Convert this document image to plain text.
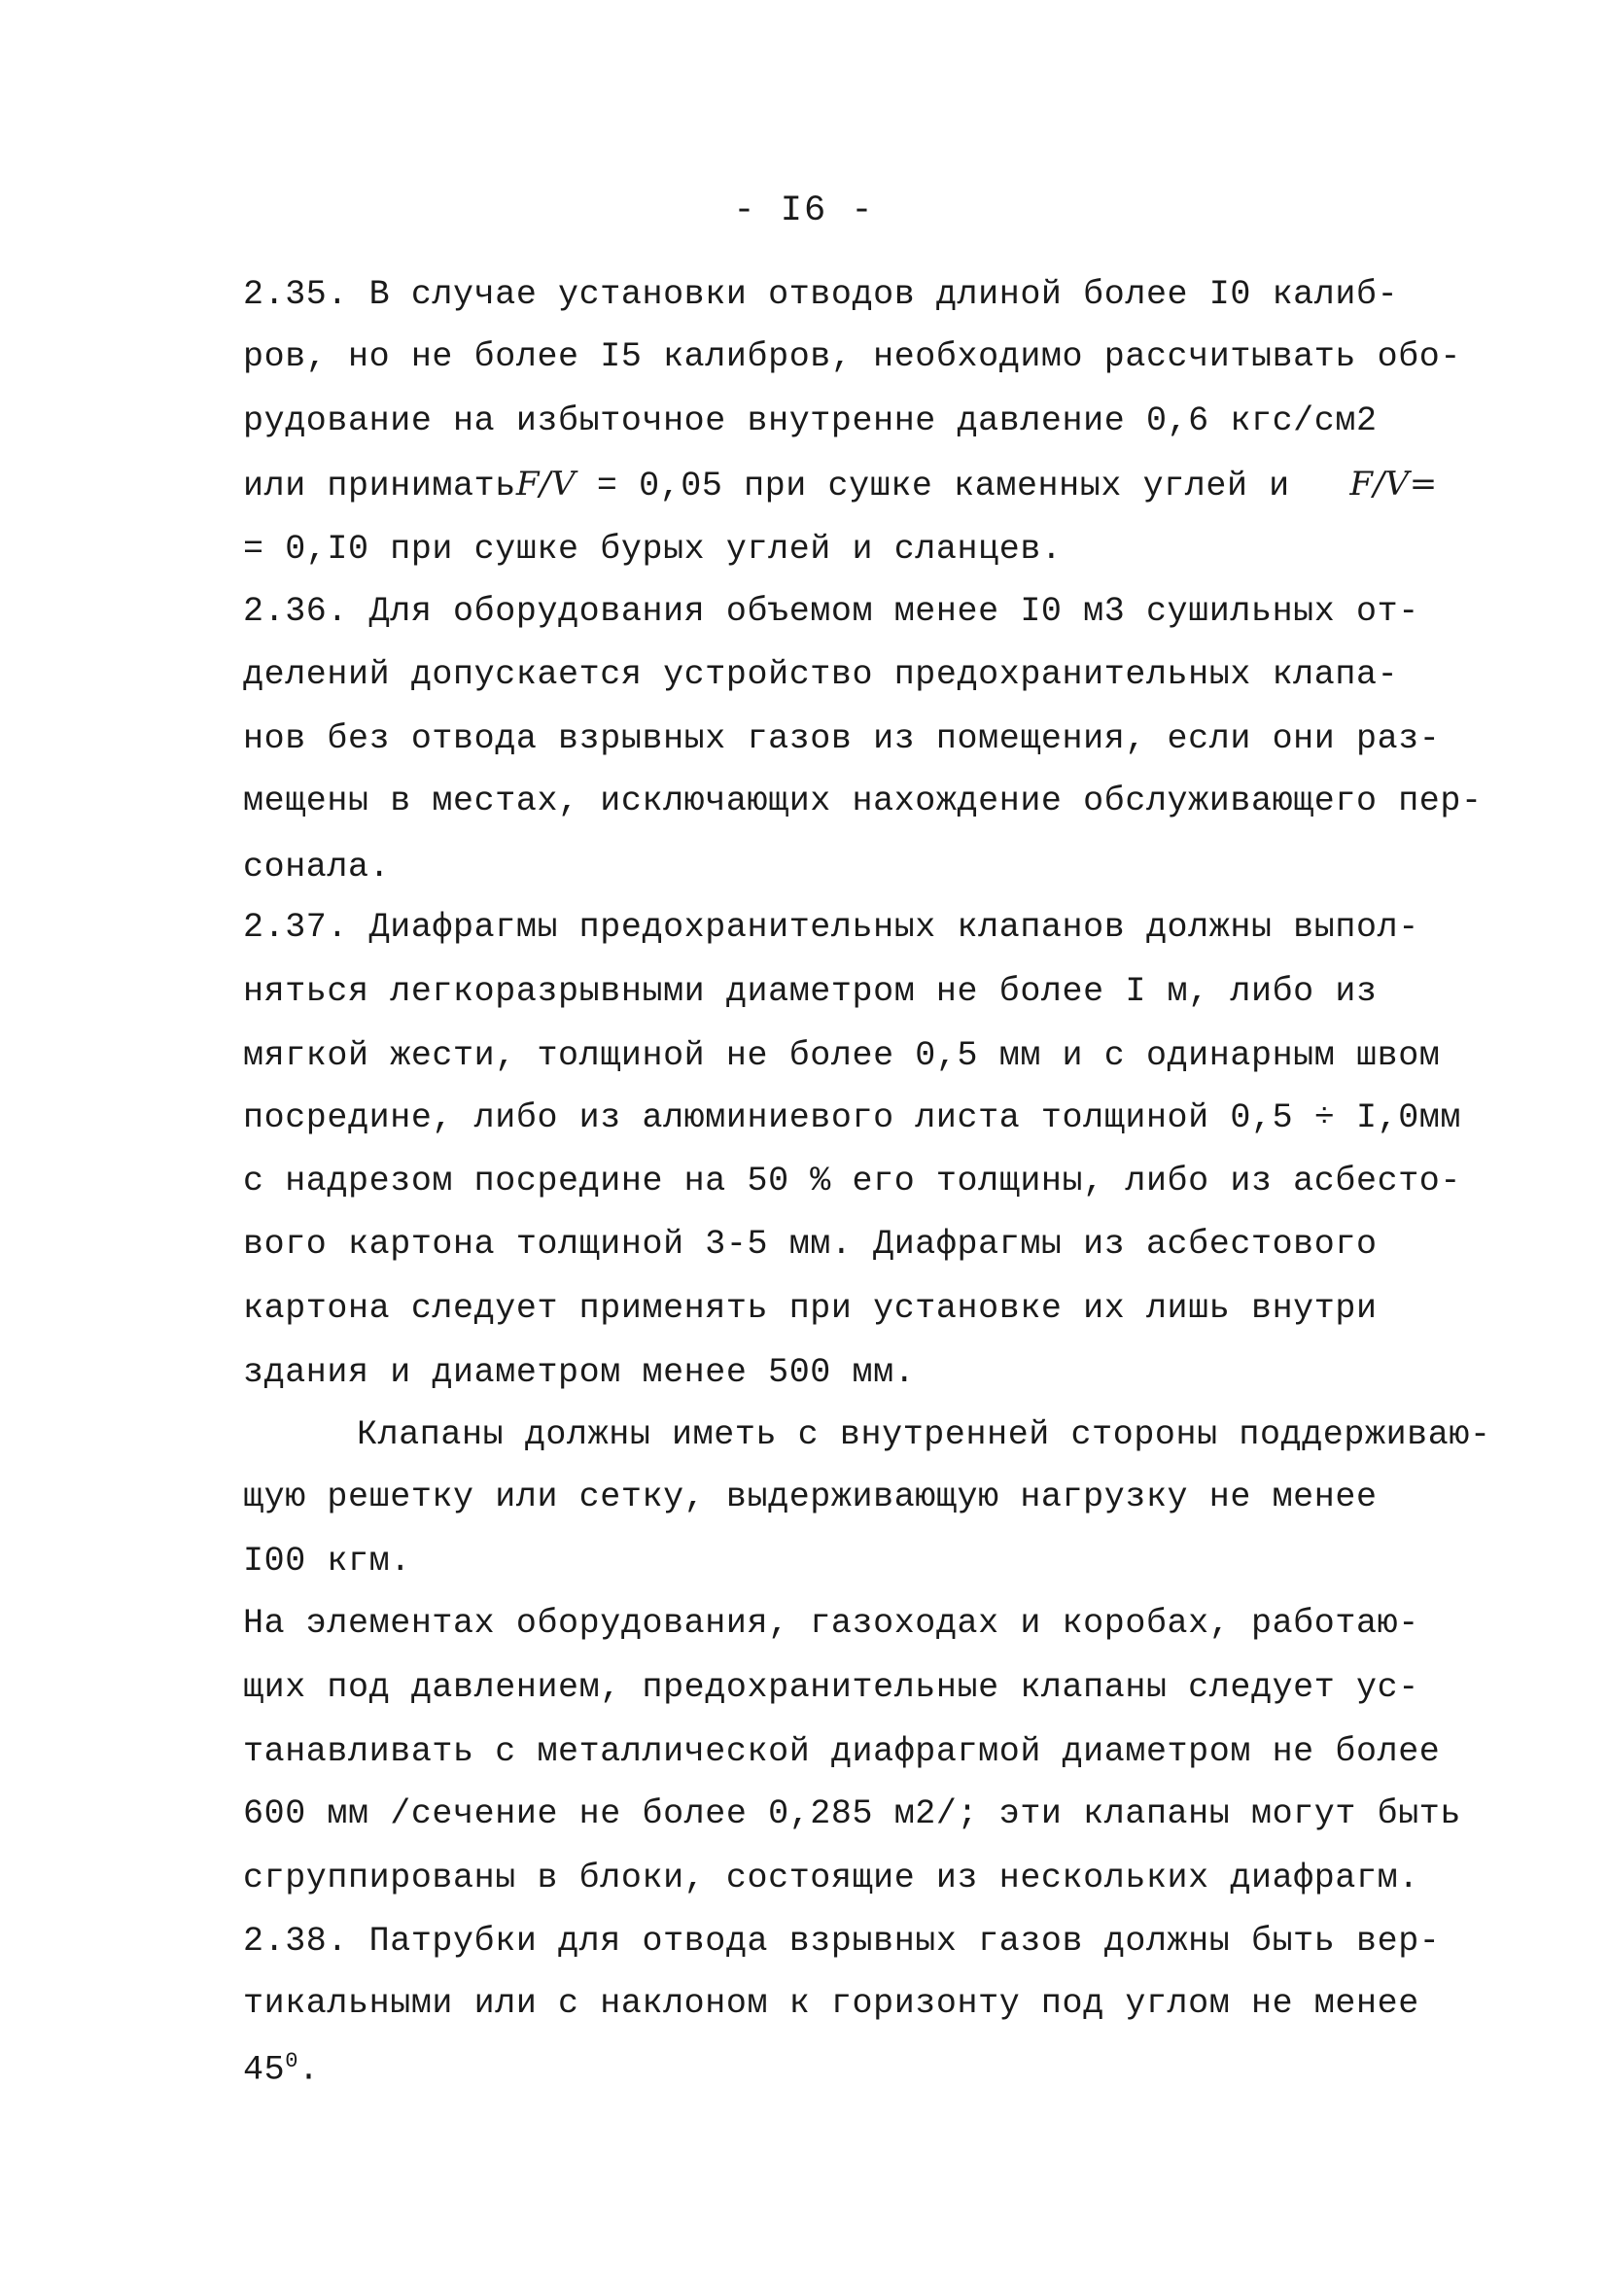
- I6 -
2.35. В случае установки отводов длиной более I0 калиб-
ров, но не более I5 калибров, необходимо рассчитывать обо-
рудование на избыточное внутренне давление 0,6 кгс/см2
или приниматьF/V = 0,05 при сушке каменных углей и F/V=
= 0,I0 при сушке бурых углей и сланцев.
2.36. Для оборудования объемом менее I0 м3 сушильных от-
делений допускается устройство предохранительных клапа-
нов без отвода взрывных газов из помещения, если они раз-
мещены в местах, исключающих нахождение обслуживающего пер-
сонала.
2.37. Диафрагмы предохранительных клапанов должны выпол-
няться легкоразрывными диаметром не более I м, либо из
мягкой жести, толщиной не более 0,5 мм и с одинарным швом
посредине, либо из алюминиевого листа толщиной 0,5 ÷ I,0мм
с надрезом посредине на 50 % его толщины, либо из асбесто-
вого картона толщиной 3-5 мм. Диафрагмы из асбестового
картона следует применять при установке их лишь внутри
здания и диаметром менее 500 мм.
Клапаны должны иметь с внутренней стороны поддерживаю-
щую решетку или сетку, выдерживающую нагрузку не менее
I00 кгм.
На элементах оборудования, газоходах и коробах, работаю-
щих под давлением, предохранительные клапаны следует ус-
танавливать с металлической диафрагмой диаметром не более
600 мм /сечение не более 0,285 м2/; эти клапаны могут быть
сгруппированы в блоки, состоящие из нескольких диафрагм.
2.38. Патрубки для отвода взрывных газов должны быть вер-
тикальными или с наклоном к горизонту под углом не менее
$45^0$.
